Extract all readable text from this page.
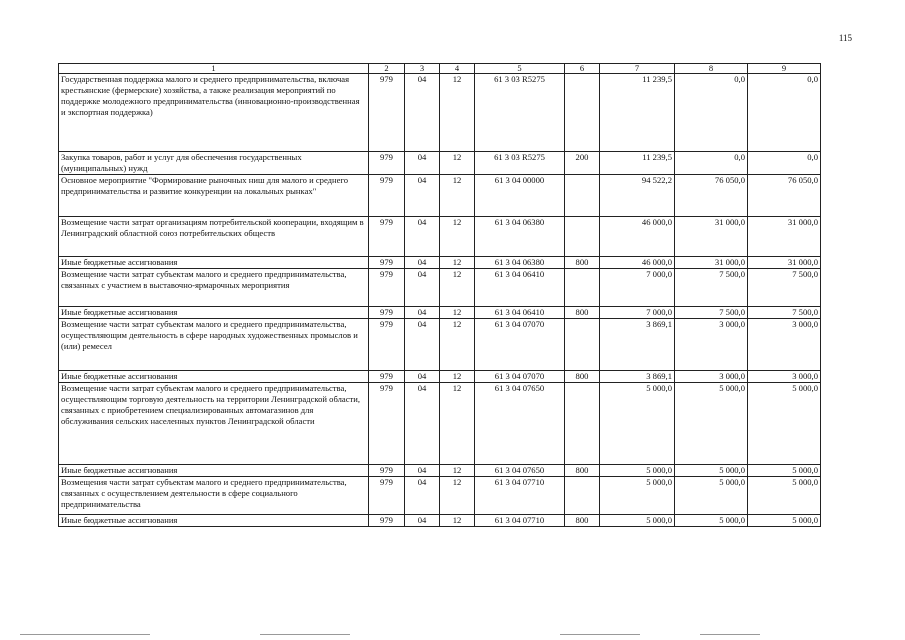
115
1	2	3	4	5	6	7	8	9
Государственная поддержка малого и среднего предпринимательства, включая крестьянские (фермерские) хозяйства, а также реализация мероприятий по поддержке молодежного предпринимательства (инновационно-производственная и экспортная поддержка)	979	04	12	61 3 03 R5275		11 239,5	0,0	0,0
Закупка товаров, работ и услуг для обеспечения государственных (муниципальных) нужд	979	04	12	61 3 03 R5275	200	11 239,5	0,0	0,0
Основное мероприятие "Формирование рыночных ниш для малого и среднего предпринимательства и развитие конкуренции на локальных рынках"	979	04	12	61 3 04 00000		94 522,2	76 050,0	76 050,0
Возмещение части затрат организациям потребительской кооперации, входящим в Ленинградский областной союз потребительских обществ	979	04	12	61 3 04 06380		46 000,0	31 000,0	31 000,0
Иные бюджетные ассигнования	979	04	12	61 3 04 06380	800	46 000,0	31 000,0	31 000,0
Возмещение части затрат субъектам малого и среднего предпринимательства, связанных с участием в выставочно-ярмарочных мероприятия	979	04	12	61 3 04 06410		7 000,0	7 500,0	7 500,0
Иные бюджетные ассигнования	979	04	12	61 3 04 06410	800	7 000,0	7 500,0	7 500,0
Возмещение части затрат субъектам малого и среднего предпринимательства, осуществляющим деятельность в сфере народных художественных промыслов и (или) ремесел	979	04	12	61 3 04 07070		3 869,1	3 000,0	3 000,0
Иные бюджетные ассигнования	979	04	12	61 3 04 07070	800	3 869,1	3 000,0	3 000,0
Возмещение части затрат субъектам малого и среднего предпринимательства, осуществляющим торговую деятельность на территории Ленинградской области, связанных с приобретением специализированных автомагазинов для обслуживания сельских населенных пунктов Ленинградской области	979	04	12	61 3 04 07650		5 000,0	5 000,0	5 000,0
Иные бюджетные ассигнования	979	04	12	61 3 04 07650	800	5 000,0	5 000,0	5 000,0
Возмещения части затрат субъектам малого и среднего предпринимательства, связанных с осуществлением деятельности в сфере социального предпринимательства	979	04	12	61 3 04 07710		5 000,0	5 000,0	5 000,0
Иные бюджетные ассигнования	979	04	12	61 3 04 07710	800	5 000,0	5 000,0	5 000,0
